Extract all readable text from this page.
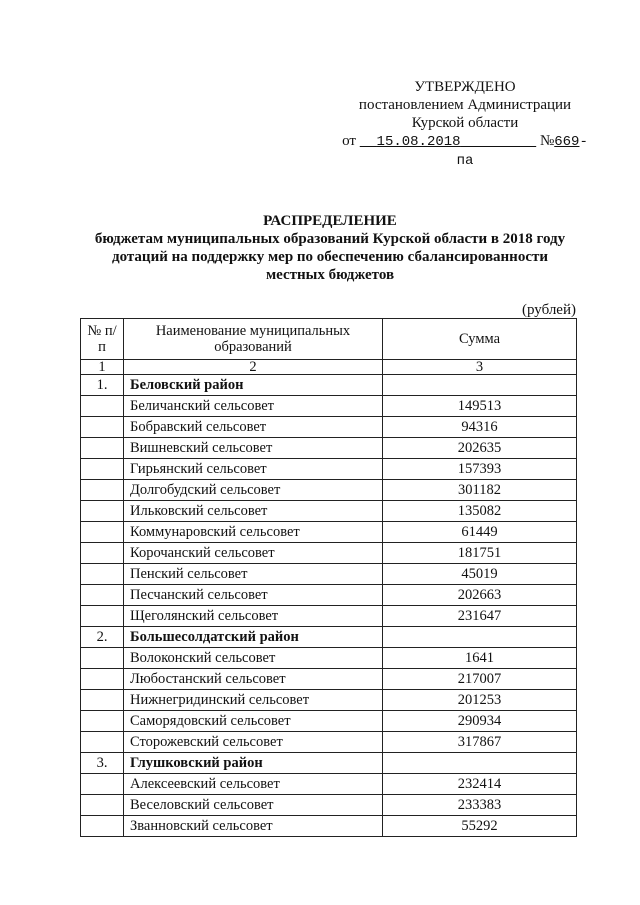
УТВЕРЖДЕНО
постановлением Администрации
Курской области
от 15.08.2018	№669-па
РАСПРЕДЕЛЕНИЕ
бюджетам муниципальных образований Курской области в 2018 году
дотаций на поддержку мер по обеспечению сбалансированности
местных бюджетов
(рублей)
№ п/п	Наименование муниципальных образований	Сумма
1	2	3
1.	Беловский район	
	Беличанский сельсовет	149513
	Бобравский сельсовет	94316
	Вишневский сельсовет	202635
	Гирьянский сельсовет	157393
	Долгобудский сельсовет	301182
	Ильковский сельсовет	135082
	Коммунаровский сельсовет	61449
	Корочанский сельсовет	181751
	Пенский сельсовет	45019
	Песчанский сельсовет	202663
	Щеголянский сельсовет	231647
2.	Большесолдатский район	
	Волоконский сельсовет	1641
	Любостанский сельсовет	217007
	Нижнегридинский сельсовет	201253
	Саморядовский сельсовет	290934
	Сторожевский сельсовет	317867
3.	Глушковский район	
	Алексеевский сельсовет	232414
	Веселовский сельсовет	233383
	Званновский сельсовет	55292
